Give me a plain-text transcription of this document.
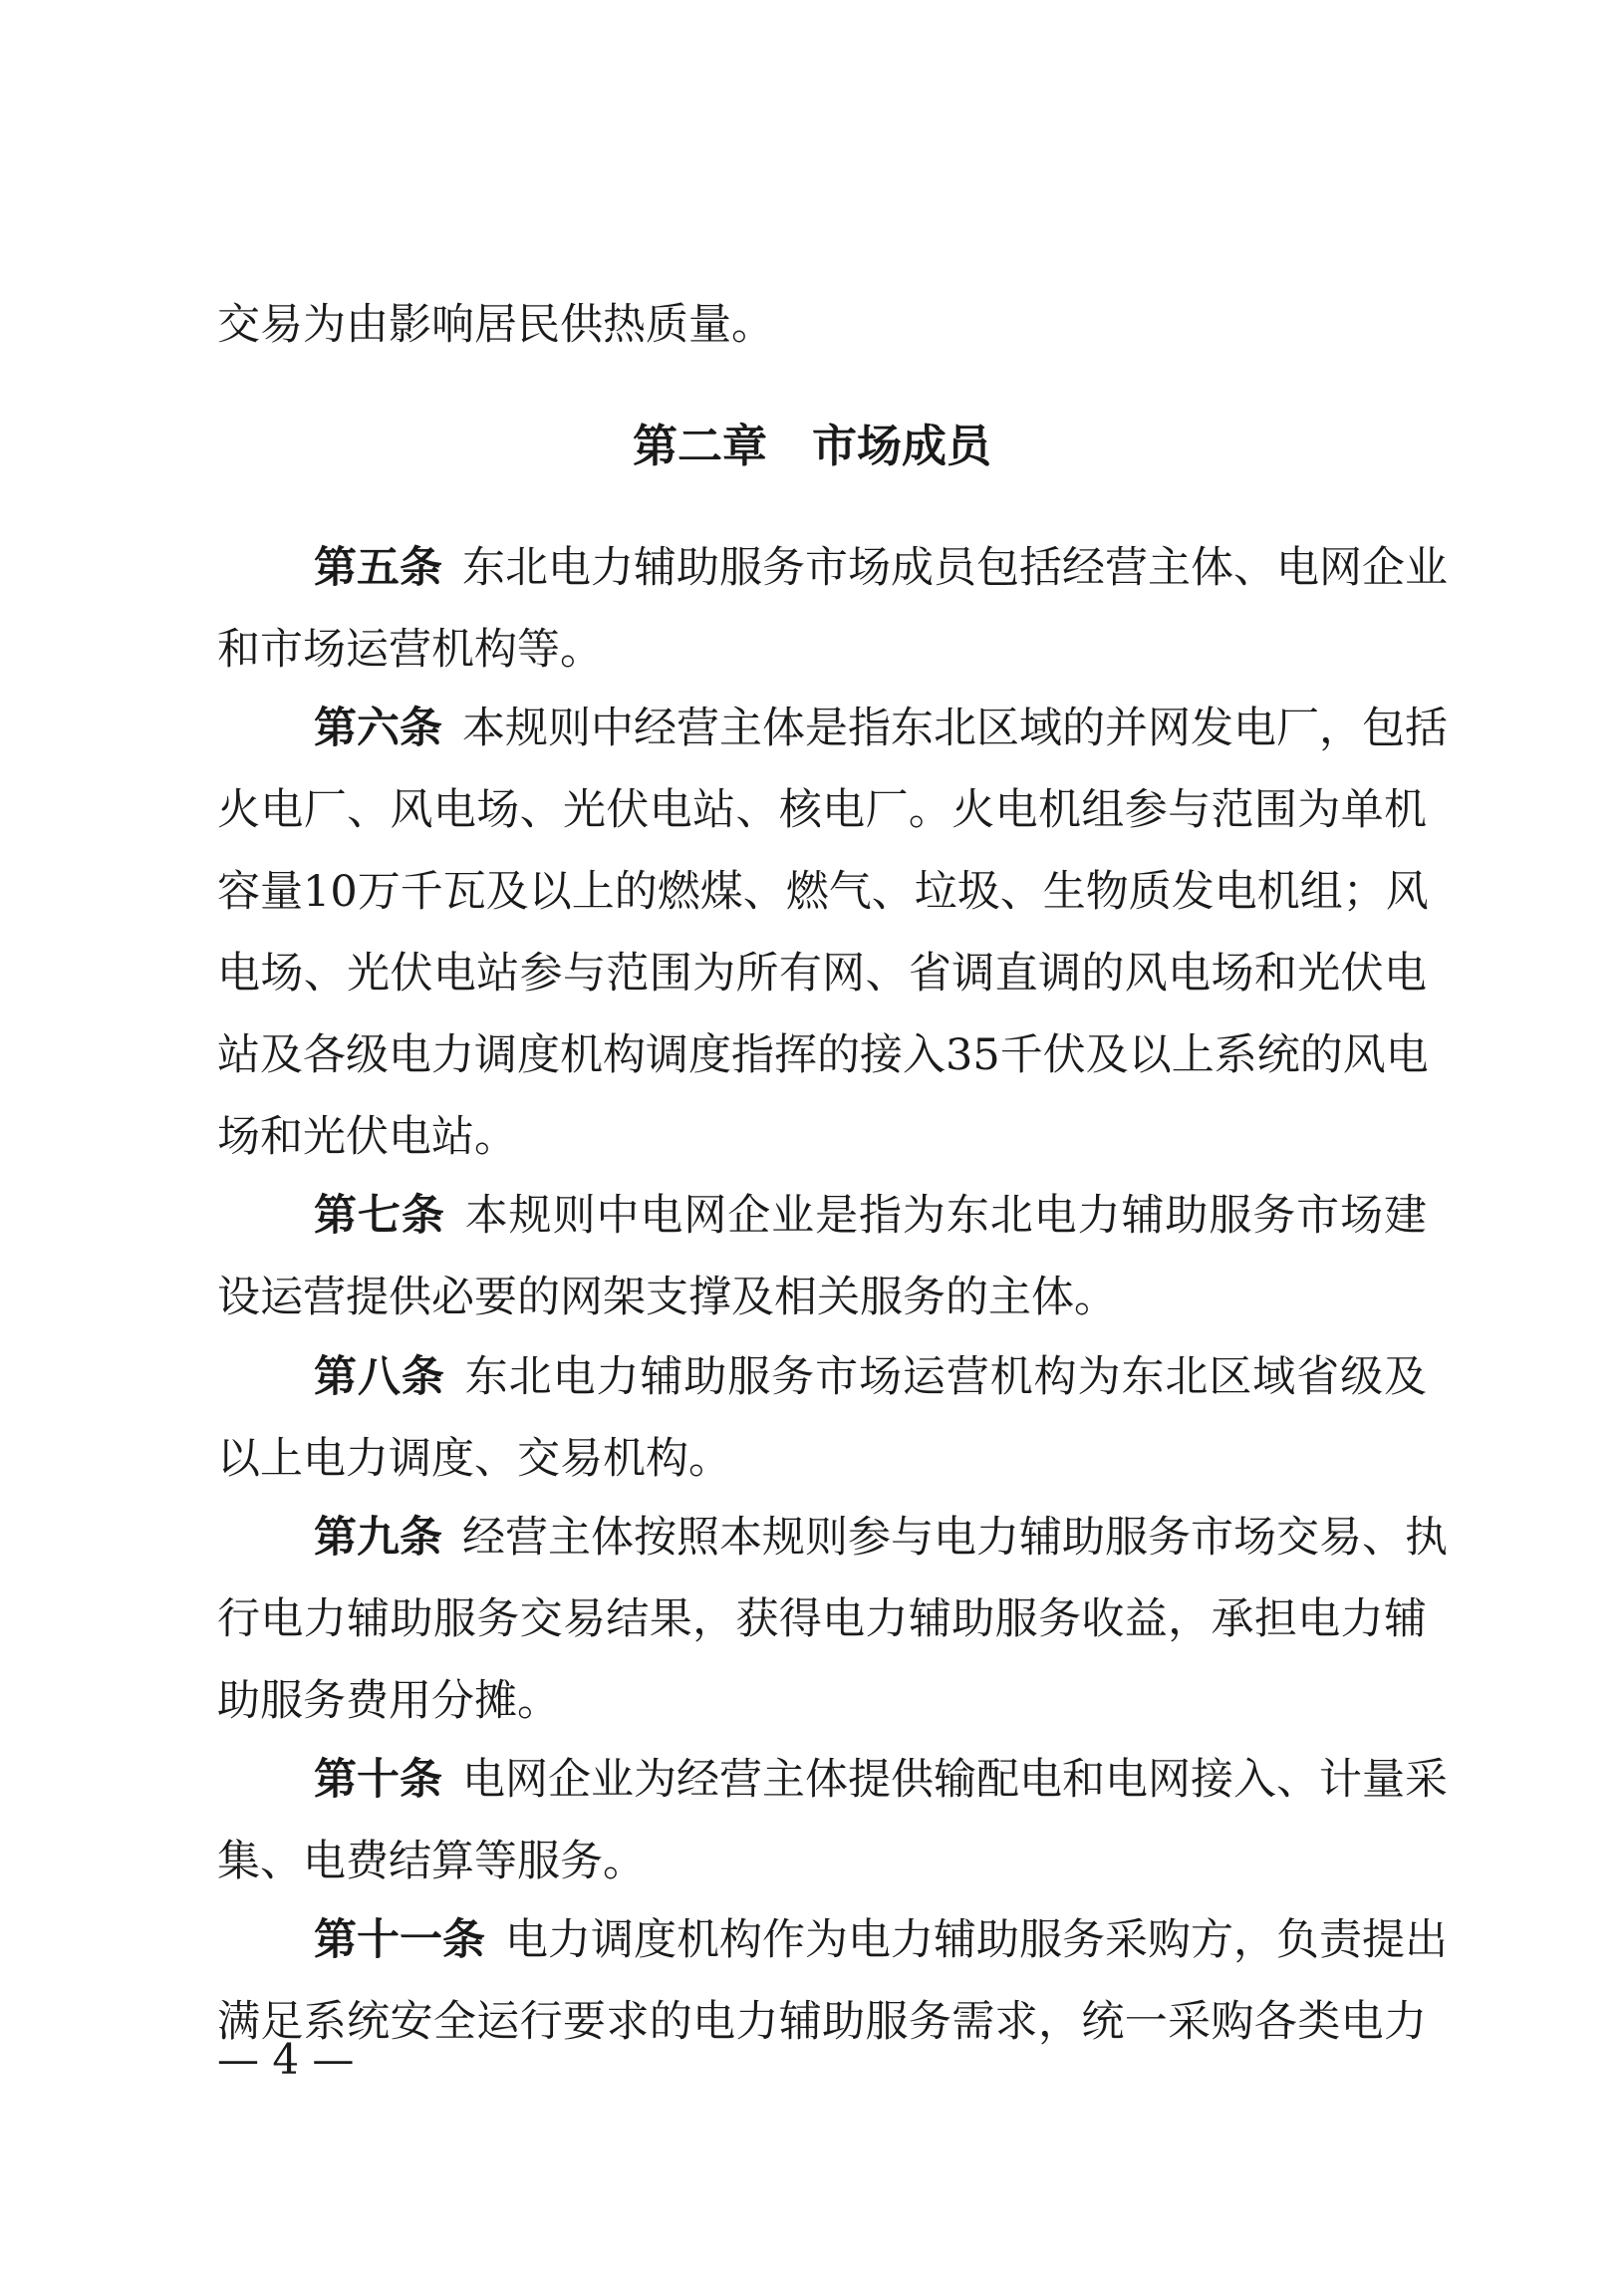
交易为由影响居民供热质量。
第二章　市场成员
第五条 东北电力辅助服务市场成员包括经营主体、电网企业
和市场运营机构等。
第六条 本规则中经营主体是指东北区域的并网发电厂，包括
火电厂、风电场、光伏电站、核电厂。火电机组参与范围为单机
容量10万千瓦及以上的燃煤、燃气、垃圾、生物质发电机组；风
电场、光伏电站参与范围为所有网、省调直调的风电场和光伏电
站及各级电力调度机构调度指挥的接入35千伏及以上系统的风电
场和光伏电站。
第七条 本规则中电网企业是指为东北电力辅助服务市场建
设运营提供必要的网架支撑及相关服务的主体。
第八条 东北电力辅助服务市场运营机构为东北区域省级及
以上电力调度、交易机构。
第九条 经营主体按照本规则参与电力辅助服务市场交易、执
行电力辅助服务交易结果，获得电力辅助服务收益，承担电力辅
助服务费用分摊。
第十条 电网企业为经营主体提供输配电和电网接入、计量采
集、电费结算等服务。
第十一条 电力调度机构作为电力辅助服务采购方，负责提出
满足系统安全运行要求的电力辅助服务需求，统一采购各类电力
— 4 —
